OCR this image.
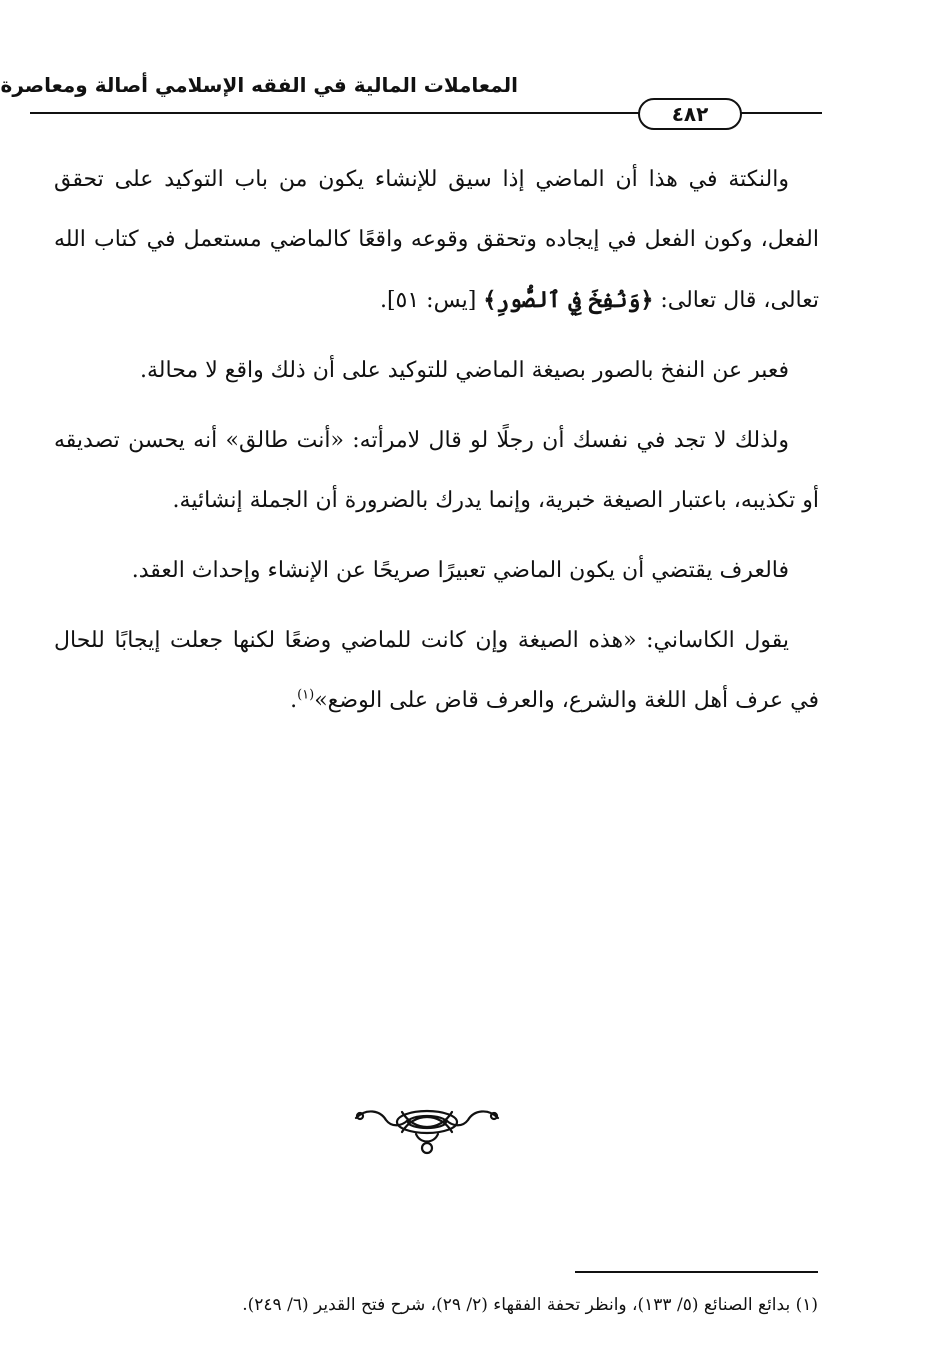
المعاملات المالية في الفقه الإسلامي أصالة ومعاصرة
٤٨٢

والنكتة في هذا أن الماضي إذا سيق للإنشاء يكون من باب التوكيد على تحقق الفعل، وكون الفعل في إيجاده وتحقق وقوعه واقعًا كالماضي مستعمل في كتاب الله تعالى، قال تعالى: ﴿وَنُفِخَ فِي ٱلصُّورِ﴾ [يس: ٥١].

فعبر عن النفخ بالصور بصيغة الماضي للتوكيد على أن ذلك واقع لا محالة.

ولذلك لا تجد في نفسك أن رجلًا لو قال لامرأته: «أنت طالق» أنه يحسن تصديقه أو تكذيبه، باعتبار الصيغة خبرية، وإنما يدرك بالضرورة أن الجملة إنشائية.

فالعرف يقتضي أن يكون الماضي تعبيرًا صريحًا عن الإنشاء وإحداث العقد.

يقول الكاساني: «هذه الصيغة وإن كانت للماضي وضعًا لكنها جعلت إيجابًا للحال في عرف أهل اللغة والشرع، والعرف قاض على الوضع»$^{(١)}$.

(١) بدائع الصنائع (٥/ ١٣٣)، وانظر تحفة الفقهاء (٢/ ٢٩)، شرح فتح القدير (٦/ ٢٤٩).
